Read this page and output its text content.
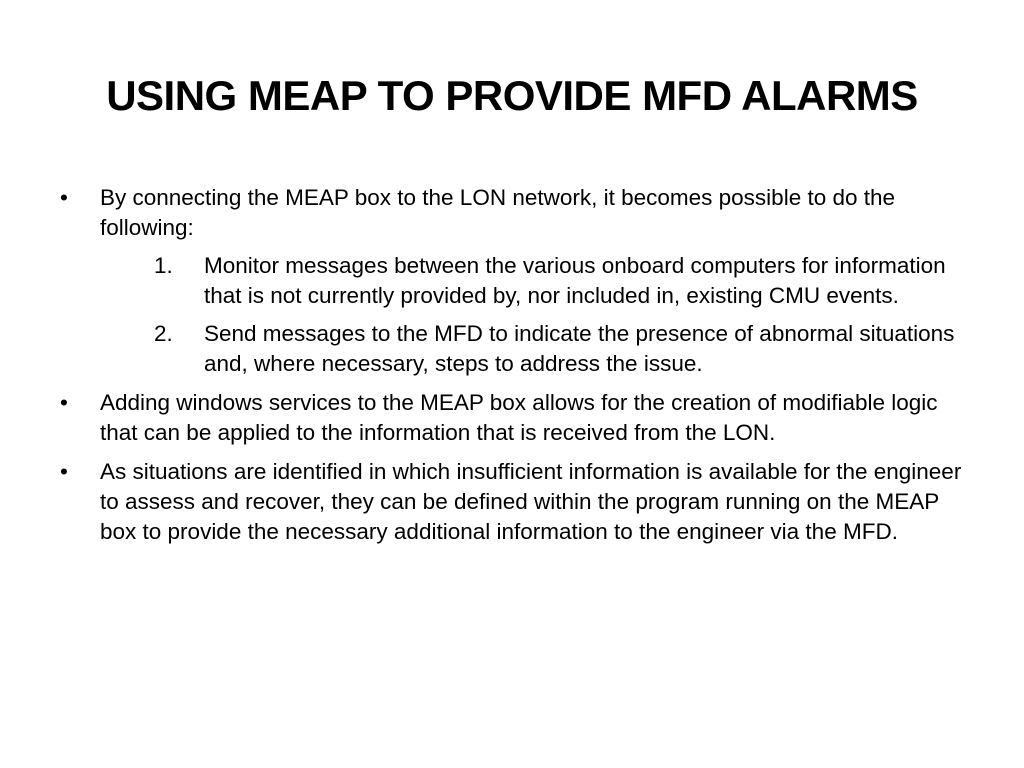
USING MEAP TO PROVIDE MFD ALARMS
•	By connecting the MEAP box to the LON network, it becomes possible to do the following:
1. Monitor messages between the various onboard computers for information that is not currently provided by, nor included in, existing CMU events.
2. Send messages to the MFD to indicate the presence of abnormal situations and, where necessary, steps to address the issue.
•	Adding windows services to the MEAP box allows for the creation of modifiable logic that can be applied to the information that is received from the LON.
•	As situations are identified in which insufficient information is available for the engineer to assess and recover, they can be defined within the program running on the MEAP box to provide the necessary additional information to the engineer via the MFD.
